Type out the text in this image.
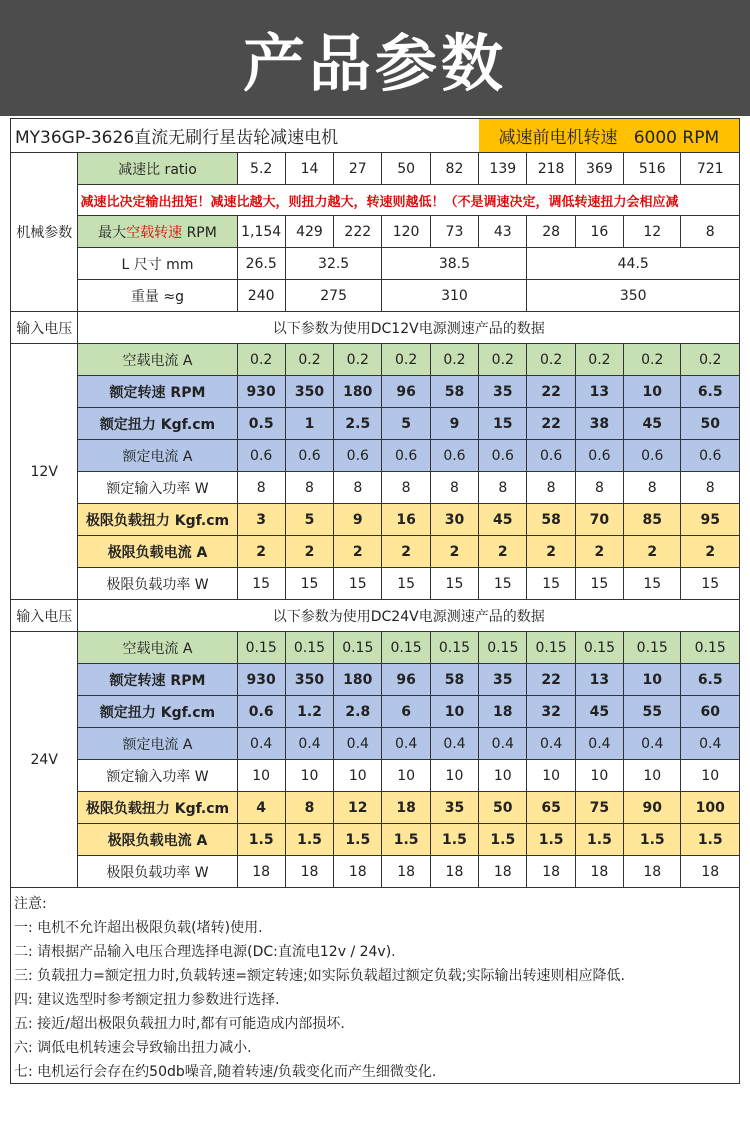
产品参数
MY36GP-3626直流无刷行星齿轮减速电机							减速前电机转速 6000 RPM				
机械参数	减速比 ratio	5.2	14	27	50	82	139	218	369	516	721
	减速比决定输出扭矩！减速比越大，则扭力越大，转速则越低！（不是调速决定，调低转速扭力会相应减										
	最大空载转速 RPM	1,154	429	222	120	73	43	28	16	12	8
	L 尺寸 mm	26.5	32.5		38.5			44.5			
	重量 ≈g	240	275		310			350			
输入电压	以下参数为使用DC12V电源测速产品的数据										
12V	空载电流 A	0.2	0.2	0.2	0.2	0.2	0.2	0.2	0.2	0.2	0.2
	额定转速 RPM	930	350	180	96	58	35	22	13	10	6.5
	额定扭力 Kgf.cm	0.5	1	2.5	5	9	15	22	38	45	50
	额定电流 A	0.6	0.6	0.6	0.6	0.6	0.6	0.6	0.6	0.6	0.6
	额定输入功率 W	8	8	8	8	8	8	8	8	8	8
	极限负载扭力 Kgf.cm	3	5	9	16	30	45	58	70	85	95
	极限负载电流 A	2	2	2	2	2	2	2	2	2	2
	极限负载功率 W	15	15	15	15	15	15	15	15	15	15
输入电压	以下参数为使用DC24V电源测速产品的数据										
24V	空载电流 A	0.15	0.15	0.15	0.15	0.15	0.15	0.15	0.15	0.15	0.15
	额定转速 RPM	930	350	180	96	58	35	22	13	10	6.5
	额定扭力 Kgf.cm	0.6	1.2	2.8	6	10	18	32	45	55	60
	额定电流 A	0.4	0.4	0.4	0.4	0.4	0.4	0.4	0.4	0.4	0.4
	额定输入功率 W	10	10	10	10	10	10	10	10	10	10
	极限负载扭力 Kgf.cm	4	8	12	18	35	50	65	75	90	100
	极限负载电流 A	1.5	1.5	1.5	1.5	1.5	1.5	1.5	1.5	1.5	1.5
	极限负载功率 W	18	18	18	18	18	18	18	18	18	18
注意:
一: 电机不允许超出极限负载(堵转)使用.
二: 请根据产品输入电压合理选择电源(DC:直流电12v / 24v).
三: 负载扭力=额定扭力时,负载转速=额定转速;如实际负载超过额定负载;实际输出转速则相应降低.
四: 建议选型时参考额定扭力参数进行选择.
五: 接近/超出极限负载扭力时,都有可能造成内部损坏.
六: 调低电机转速会导致输出扭力减小.
七: 电机运行会存在约50db噪音,随着转速/负载变化而产生细微变化.
